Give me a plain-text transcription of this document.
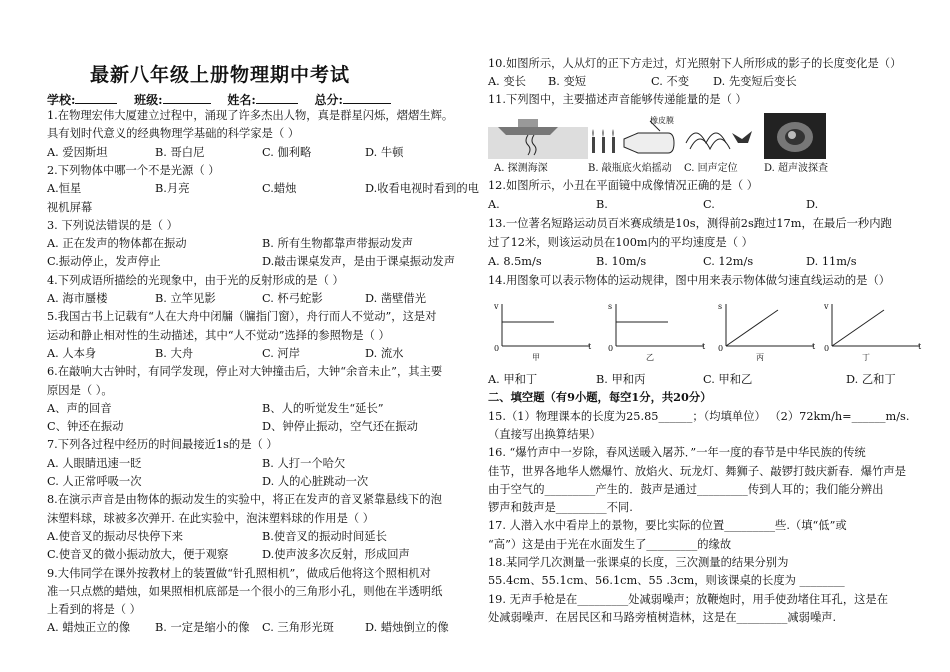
最新八年级上册物理期中考试
学校:	班级:	姓名:	总分:
1.在物理宏伟大厦建立过程中，涌现了许多杰出人物，真是群星闪烁，熠熠生辉。
具有划时代意义的经典物理学基础的科学家是（ ）
A. 爱因斯坦	B. 哥白尼	C. 伽利略	D. 牛顿
2.下列物体中哪一个不是光源（ ）
A.恒星	B.月亮	C.蜡烛	D.收看电视时看到的电
视机屏幕
3. 下列说法错误的是（ ）
A. 正在发声的物体都在振动	B. 所有生物都靠声带振动发声
C.振动停止，发声停止	D.敲击课桌发声，是由于课桌振动发声
4.下列成语所描绘的光现象中，由于光的反射形成的是（ ）
A. 海市蜃楼	B. 立竿见影	C. 杯弓蛇影	D. 凿壁借光
5.我国古书上记载有“人在大舟中闭牖（牖指门窗），舟行而人不觉动”，这是对
运动和静止相对性的生动描述，其中“人不觉动”选择的参照物是（ ）
A. 人本身	B. 大舟	C. 河岸	D. 流水
6.在敲响大古钟时，有同学发现，停止对大钟撞击后，大钟“余音未止”，其主要
原因是（ ）。
A、声的回音	B、人的听觉发生“延长”
C、钟还在振动	D、钟停止振动，空气还在振动
7.下列各过程中经历的时间最接近1s的是（ ）
A. 人眼睛迅速一眨	B. 人打一个哈欠
C. 人正常呼吸一次	D. 人的心脏跳动一次
8.在演示声音是由物体的振动发生的实验中，将正在发声的音叉紧靠悬线下的泡
沫塑料球，球被多次弹开. 在此实验中，泡沫塑料球的作用是（ ）
A.使音叉的振动尽快停下来	B.使音叉的振动时间延长
C.使音叉的微小振动放大，便于观察	D.使声波多次反射，形成回声
9.大伟同学在课外按教材上的装置做“针孔照相机”，做成后他将这个照相机对
准一只点燃的蜡烛，如果照相机底部是一个很小的三角形小孔，则他在半透明纸
上看到的将是（ ）
A. 蜡烛正立的像 B. 一定是缩小的像 C. 三角形光斑	D. 蜡烛倒立的像
A. 探测海深
橡皮膜
B. 敲瓶底火焰摇动 C. 回声定位	D. 超声波探查
v
t
0
甲
s
t
0
乙
s
t
0
丙
v
t
0
丁
10.如图所示，人从灯的正下方走过，灯光照射下人所形成的影子的长度变化是（）
A. 变长 B. 变短	C. 不变 D. 先变短后变长
11.下列图中，主要描述声音能够传递能量的是（ ）
12.如图所示，小丑在平面镜中成像情况正确的是（ ）
A.	B.	C.	D.
13.一位著名短路运动员百米赛成绩是10s，测得前2s跑过17m，在最后一秒内跑
过了12米，则该运动员在100m内的平均速度是（ ）
A. 8.5m/s	B. 10m/s	C. 12m/s	D. 11m/s
14.用图象可以表示物体的运动规律，图中用来表示物体做匀速直线运动的是（）
A. 甲和丁	B. 甲和丙	C. 甲和乙	D. 乙和丁
二、填空题（有9小题，每空1分，共20分）
15.（1）物理课本的长度为25.85______；（均填单位） （2）72km/h=______m/s.
（直接写出换算结果）
16. “爆竹声中一岁除，春风送暖入屠苏．”一年一度的春节是中华民族的传统
佳节，世界各地华人燃爆竹、放焰火、玩龙灯、舞狮子、敲锣打鼓庆新春．爆竹声是
由于空气的_________产生的．鼓声是通过_________传到人耳的；我们能分辨出
锣声和鼓声是_________不同.
17. 人潜入水中看岸上的景物，要比实际的位置_________些.（填“低”或
“高”）这是由于光在水面发生了_________的缘故
18.某同学几次测量一张课桌的长度，三次测量的结果分别为
55.4cm、55.1cm、56.1cm、55 .3cm，则该课桌的长度为 ________
19. 无声手枪是在_________处减弱噪声；放鞭炮时，用手使劲堵住耳孔，这是在
处减弱噪声．在居民区和马路旁植树造林，这是在_________减弱噪声.
